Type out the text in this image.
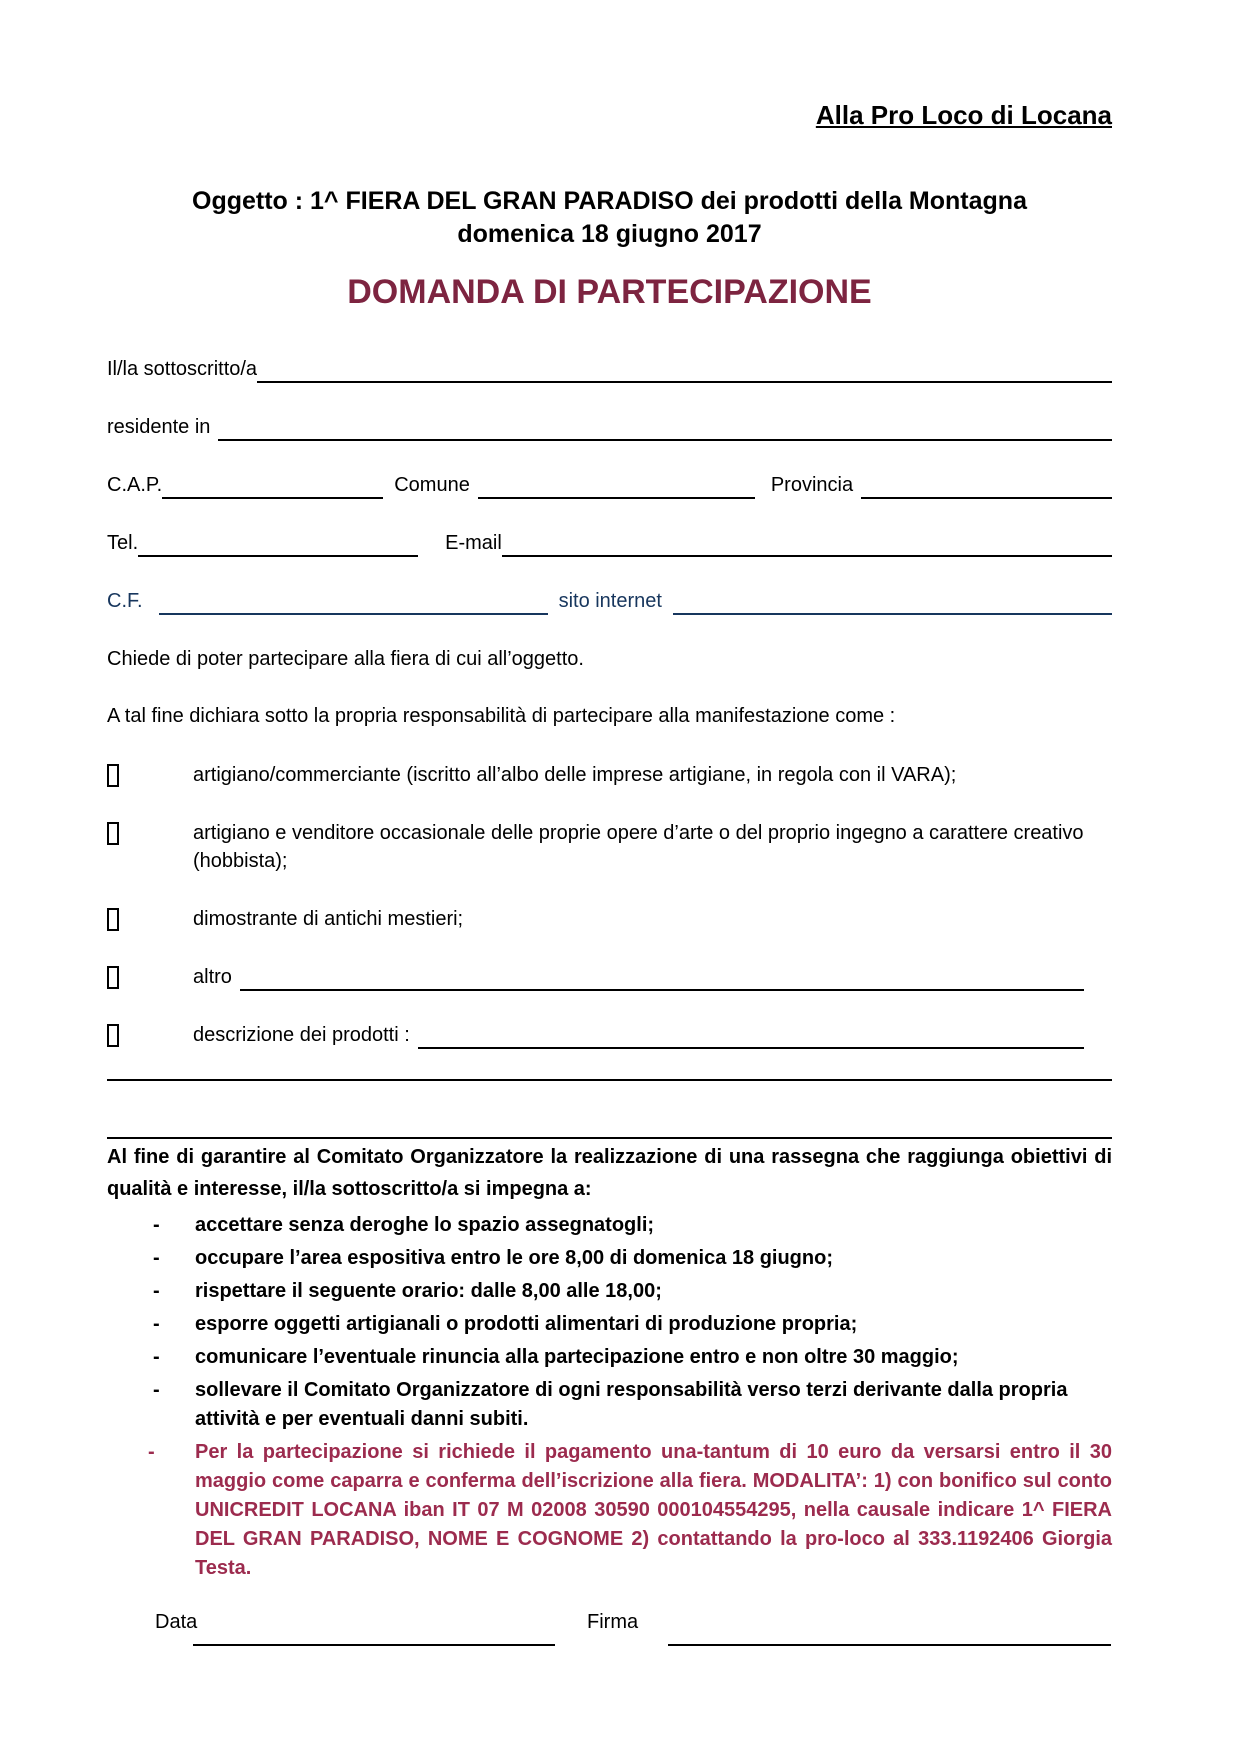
Alla Pro Loco di Locana
Oggetto : 1^ FIERA DEL GRAN PARADISO dei prodotti della Montagna
domenica 18 giugno 2017
DOMANDA DI PARTECIPAZIONE
Il/la sottoscritto/a
residente in
C.A.P.	Comune	Provincia
Tel.	E-mail
C.F.	sito internet
Chiede di poter partecipare alla fiera di cui all’oggetto.
A tal fine dichiara sotto la propria responsabilità di partecipare alla manifestazione come :
artigiano/commerciante (iscritto all’albo delle imprese artigiane, in regola con il VARA);
artigiano e venditore occasionale delle proprie opere d’arte o del proprio ingegno a carattere creativo (hobbista);
dimostrante di antichi mestieri;
altro
descrizione dei prodotti :
Al fine di garantire al Comitato Organizzatore la realizzazione di una rassegna che raggiunga obiettivi di qualità e interesse, il/la sottoscritto/a si impegna a:
-	accettare senza deroghe lo spazio assegnatogli;
-	occupare l’area espositiva entro le ore 8,00 di domenica 18 giugno;
-	rispettare il seguente orario: dalle 8,00 alle 18,00;
-	esporre oggetti artigianali o prodotti alimentari di produzione propria;
-	comunicare l’eventuale rinuncia alla partecipazione entro e non oltre 30 maggio;
-	sollevare il Comitato Organizzatore di ogni responsabilità verso terzi derivante dalla propria attività e per eventuali danni subiti.
-	Per la partecipazione si richiede il pagamento una-tantum di 10 euro da versarsi entro il 30 maggio come caparra e conferma dell’iscrizione alla fiera. MODALITA’: 1) con bonifico sul conto UNICREDIT LOCANA iban IT 07 M 02008 30590 000104554295, nella causale indicare 1^ FIERA DEL GRAN PARADISO, NOME E COGNOME 2) contattando la pro-loco al 333.1192406 Giorgia Testa.
Data	Firma
